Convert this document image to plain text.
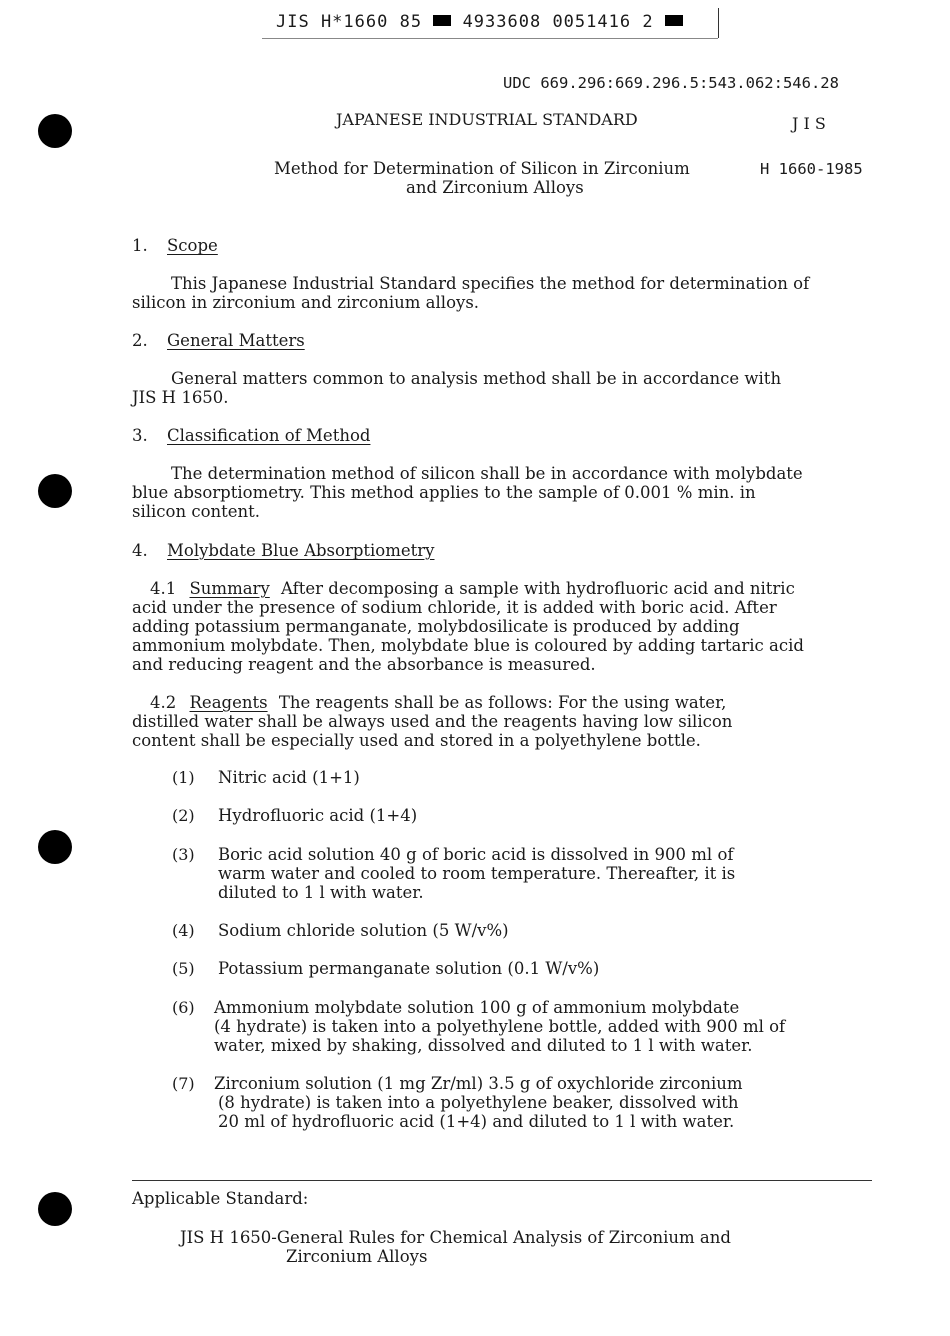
JIS H*1660 85 4933608 0051416 2
UDC 669.296:669.296.5:543.062:546.28
JAPANESE INDUSTRIAL STANDARD	J I S
Method for Determination of Silicon in Zirconium
and Zirconium Alloys
H 1660-1985
1. Scope
This Japanese Industrial Standard specifies the method for determination of
silicon in zirconium and zirconium alloys.
2. General Matters
General matters common to analysis method shall be in accordance with
JIS H 1650.
3. Classification of Method
The determination method of silicon shall be in accordance with molybdate
blue absorptiometry. This method applies to the sample of 0.001 % min. in
silicon content.
4. Molybdate Blue Absorptiometry
4.1 Summary After decomposing a sample with hydrofluoric acid and nitric
acid under the presence of sodium chloride, it is added with boric acid. After
adding potassium permanganate, molybdosilicate is produced by adding
ammonium molybdate. Then, molybdate blue is coloured by adding tartaric acid
and reducing reagent and the absorbance is measured.
4.2 Reagents The reagents shall be as follows: For the using water,
distilled water shall be always used and the reagents having low silicon
content shall be especially used and stored in a polyethylene bottle.
(1) Nitric acid (1+1)
(2) Hydrofluoric acid (1+4)
(3) Boric acid solution 40 g of boric acid is dissolved in 900 ml of
warm water and cooled to room temperature. Thereafter, it is
diluted to 1 l with water.
(4) Sodium chloride solution (5 W/v%)
(5) Potassium permanganate solution (0.1 W/v%)
(6) Ammonium molybdate solution 100 g of ammonium molybdate
(4 hydrate) is taken into a polyethylene bottle, added with 900 ml of
water, mixed by shaking, dissolved and diluted to 1 l with water.
(7) Zirconium solution (1 mg Zr/ml) 3.5 g of oxychloride zirconium
(8 hydrate) is taken into a polyethylene beaker, dissolved with
20 ml of hydrofluoric acid (1+4) and diluted to 1 l with water.
Applicable Standard:
JIS H 1650-General Rules for Chemical Analysis of Zirconium and
Zirconium Alloys
